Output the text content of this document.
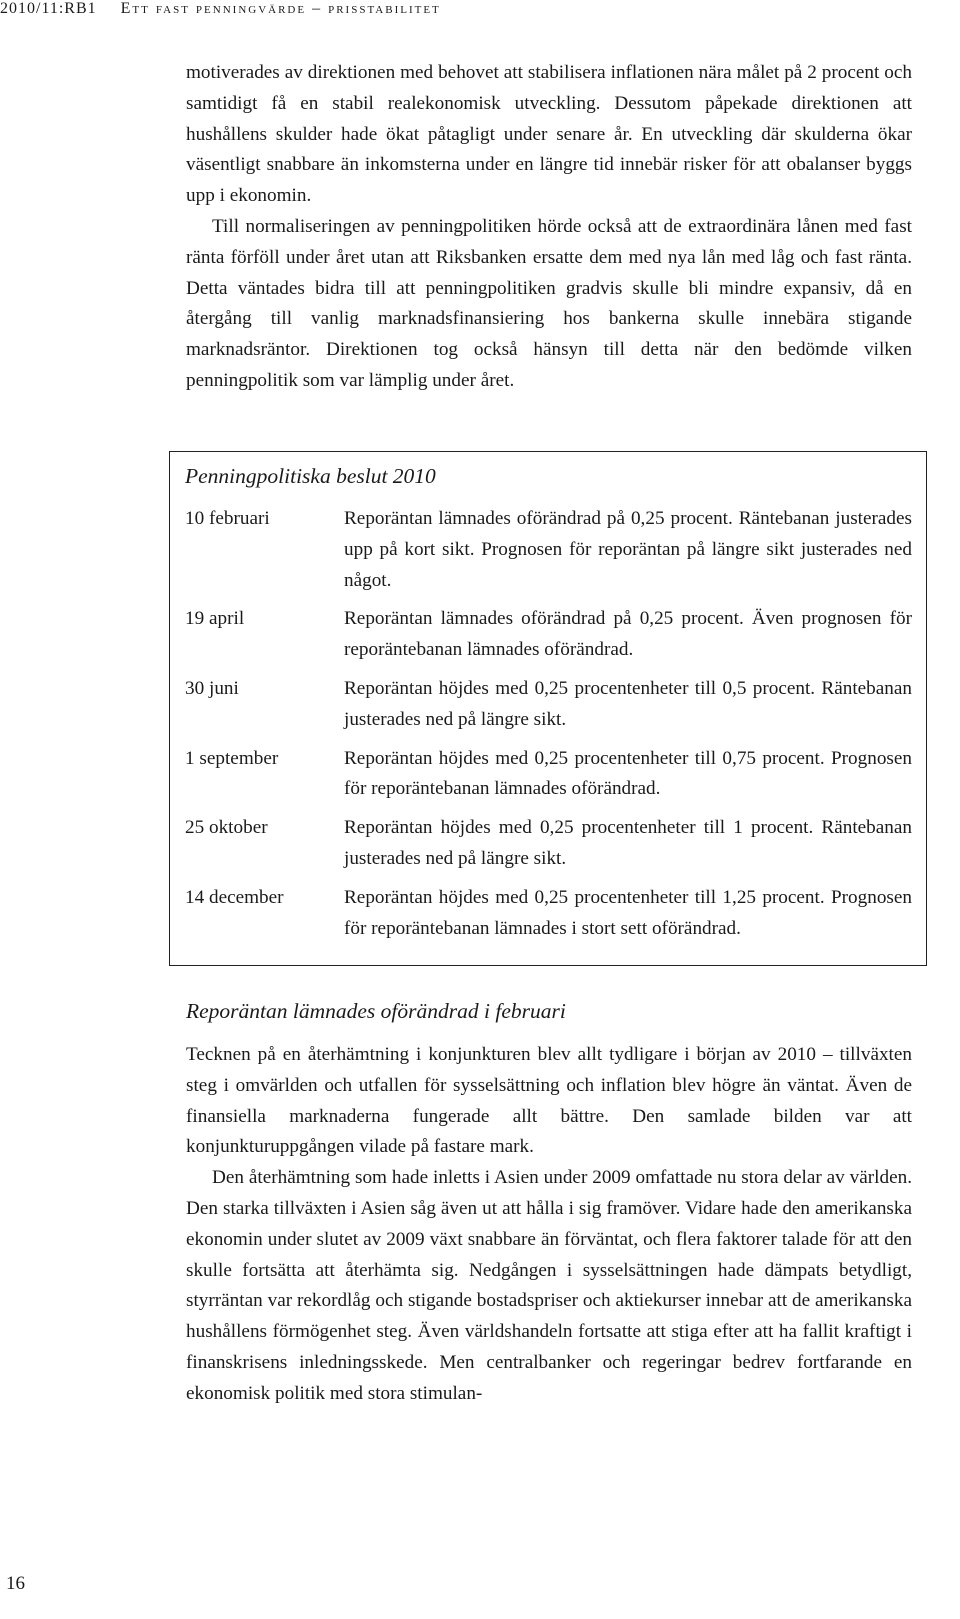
2010/11:RB1 Ett fast penningvärde – prisstabilitet

motiverades av direktionen med behovet att stabilisera inflationen nära målet på 2 procent och samtidigt få en stabil realekonomisk utveckling. Dessutom påpekade direktionen att hushållens skulder hade ökat påtagligt under senare år. En utveckling där skulderna ökar väsentligt snabbare än inkomsterna under en längre tid innebär risker för att obalanser byggs upp i ekonomin.

Till normaliseringen av penningpolitiken hörde också att de extraordinära lånen med fast ränta förföll under året utan att Riksbanken ersatte dem med nya lån med låg och fast ränta. Detta väntades bidra till att penningpolitiken gradvis skulle bli mindre expansiv, då en återgång till vanlig marknadsfinansiering hos bankerna skulle innebära stigande marknadsräntor. Direktionen tog också hänsyn till detta när den bedömde vilken penningpolitik som var lämplig under året.

Penningpolitiska beslut 2010
10 februari	Reporäntan lämnades oförändrad på 0,25 procent. Räntebanan justerades upp på kort sikt. Prognosen för reporäntan på längre sikt justerades ned något.
19 april	Reporäntan lämnades oförändrad på 0,25 procent. Även prognosen för reporäntebanan lämnades oförändrad.
30 juni	Reporäntan höjdes med 0,25 procentenheter till 0,5 procent. Räntebanan justerades ned på längre sikt.
1 september	Reporäntan höjdes med 0,25 procentenheter till 0,75 procent. Prognosen för reporäntebanan lämnades oförändrad.
25 oktober	Reporäntan höjdes med 0,25 procentenheter till 1 procent. Räntebanan justerades ned på längre sikt.
14 december	Reporäntan höjdes med 0,25 procentenheter till 1,25 procent. Prognosen för reporäntebanan lämnades i stort sett oförändrad.
Reporäntan lämnades oförändrad i februari

Tecknen på en återhämtning i konjunkturen blev allt tydligare i början av 2010 – tillväxten steg i omvärlden och utfallen för sysselsättning och inflation blev högre än väntat. Även de finansiella marknaderna fungerade allt bättre. Den samlade bilden var att konjunkturuppgången vilade på fastare mark.

Den återhämtning som hade inletts i Asien under 2009 omfattade nu stora delar av världen. Den starka tillväxten i Asien såg även ut att hålla i sig framöver. Vidare hade den amerikanska ekonomin under slutet av 2009 växt snabbare än förväntat, och flera faktorer talade för att den skulle fortsätta att återhämta sig. Nedgången i sysselsättningen hade dämpats betydligt, styrräntan var rekordlåg och stigande bostadspriser och aktiekurser innebar att de amerikanska hushållens förmögenhet steg. Även världshandeln fortsatte att stiga efter att ha fallit kraftigt i finanskrisens inledningsskede. Men centralbanker och regeringar bedrev fortfarande en ekonomisk politik med stora stimulan-

16
